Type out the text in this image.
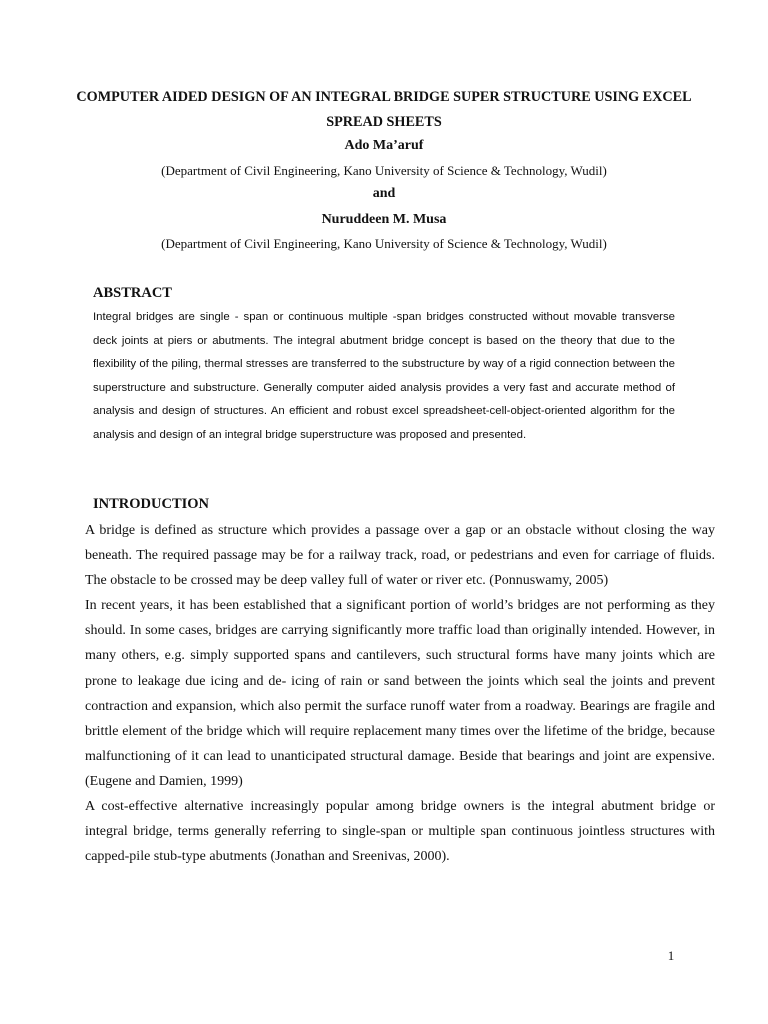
COMPUTER AIDED DESIGN OF AN INTEGRAL BRIDGE SUPER STRUCTURE USING EXCEL SPREAD SHEETS

Ado Ma’aruf

(Department of Civil Engineering, Kano University of Science & Technology, Wudil)

and

Nuruddeen M. Musa

(Department of Civil Engineering, Kano University of Science & Technology, Wudil)

ABSTRACT

Integral bridges are single - span or continuous multiple -span bridges constructed without movable transverse deck joints at piers or abutments. The integral abutment bridge concept is based on the theory that due to the flexibility of the piling, thermal stresses are transferred to the substructure by way of a rigid connection between the superstructure and substructure. Generally computer aided analysis provides a very fast and accurate method of analysis and design of structures. An efficient and robust excel spreadsheet-cell-object-oriented algorithm for the analysis and design of an integral bridge superstructure was proposed and presented.

INTRODUCTION

A bridge is defined as structure which provides a passage over a gap or an obstacle without closing the way beneath. The required passage may be for a railway track, road, or pedestrians and even for carriage of fluids. The obstacle to be crossed may be deep valley full of water or river etc. (Ponnuswamy, 2005)

In recent years, it has been established that a significant portion of world’s bridges are not performing as they should. In some cases, bridges are carrying significantly more traffic load than originally intended. However, in many others, e.g. simply supported spans and cantilevers, such structural forms have many joints which are prone to leakage due icing and de- icing of rain or sand between the joints which seal the joints and prevent contraction and expansion, which also permit the surface runoff water from a roadway. Bearings are fragile and brittle element of the bridge which will require replacement many times over the lifetime of the bridge, because malfunctioning of it can lead to unanticipated structural damage. Beside that bearings and joint are expensive. (Eugene and Damien, 1999)

A cost-effective alternative increasingly popular among bridge owners is the integral abutment bridge or integral bridge, terms generally referring to single-span or multiple span continuous jointless structures with capped-pile stub-type abutments (Jonathan and Sreenivas, 2000).

1
